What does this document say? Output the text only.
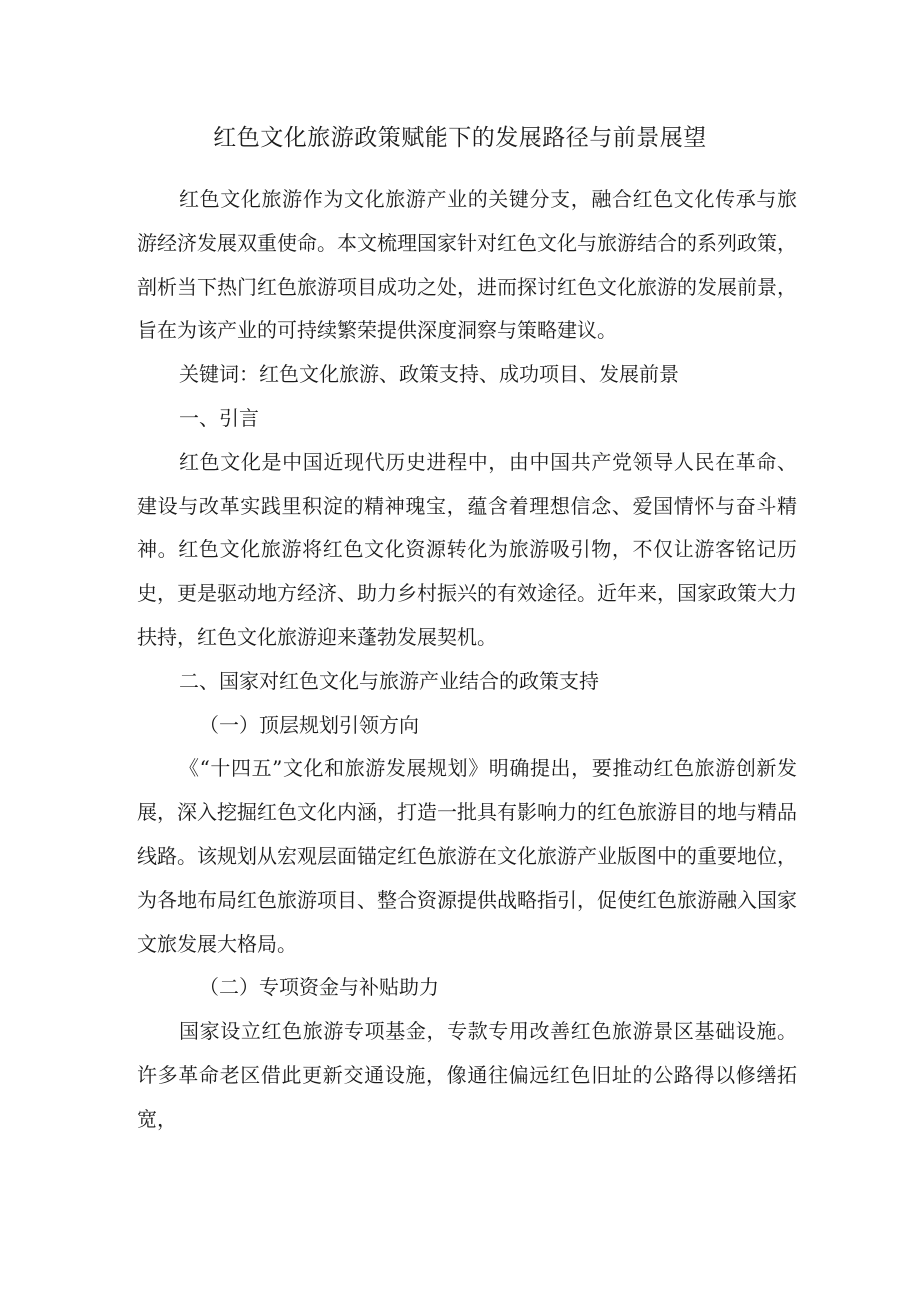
红色文化旅游政策赋能下的发展路径与前景展望

红色文化旅游作为文化旅游产业的关键分支，融合红色文化传承与旅游经济发展双重使命。本文梳理国家针对红色文化与旅游结合的系列政策，剖析当下热门红色旅游项目成功之处，进而探讨红色文化旅游的发展前景，旨在为该产业的可持续繁荣提供深度洞察与策略建议。

关键词：红色文化旅游、政策支持、成功项目、发展前景

一、引言

红色文化是中国近现代历史进程中，由中国共产党领导人民在革命、建设与改革实践里积淀的精神瑰宝，蕴含着理想信念、爱国情怀与奋斗精神。红色文化旅游将红色文化资源转化为旅游吸引物，不仅让游客铭记历史，更是驱动地方经济、助力乡村振兴的有效途径。近年来，国家政策大力扶持，红色文化旅游迎来蓬勃发展契机。

二、国家对红色文化与旅游产业结合的政策支持

（一）顶层规划引领方向

《“十四五”文化和旅游发展规划》明确提出，要推动红色旅游创新发展，深入挖掘红色文化内涵，打造一批具有影响力的红色旅游目的地与精品线路。该规划从宏观层面锚定红色旅游在文化旅游产业版图中的重要地位，为各地布局红色旅游项目、整合资源提供战略指引，促使红色旅游融入国家文旅发展大格局。

（二）专项资金与补贴助力

国家设立红色旅游专项基金，专款专用改善红色旅游景区基础设施。许多革命老区借此更新交通设施，像通往偏远红色旧址的公路得以修缮拓宽，
